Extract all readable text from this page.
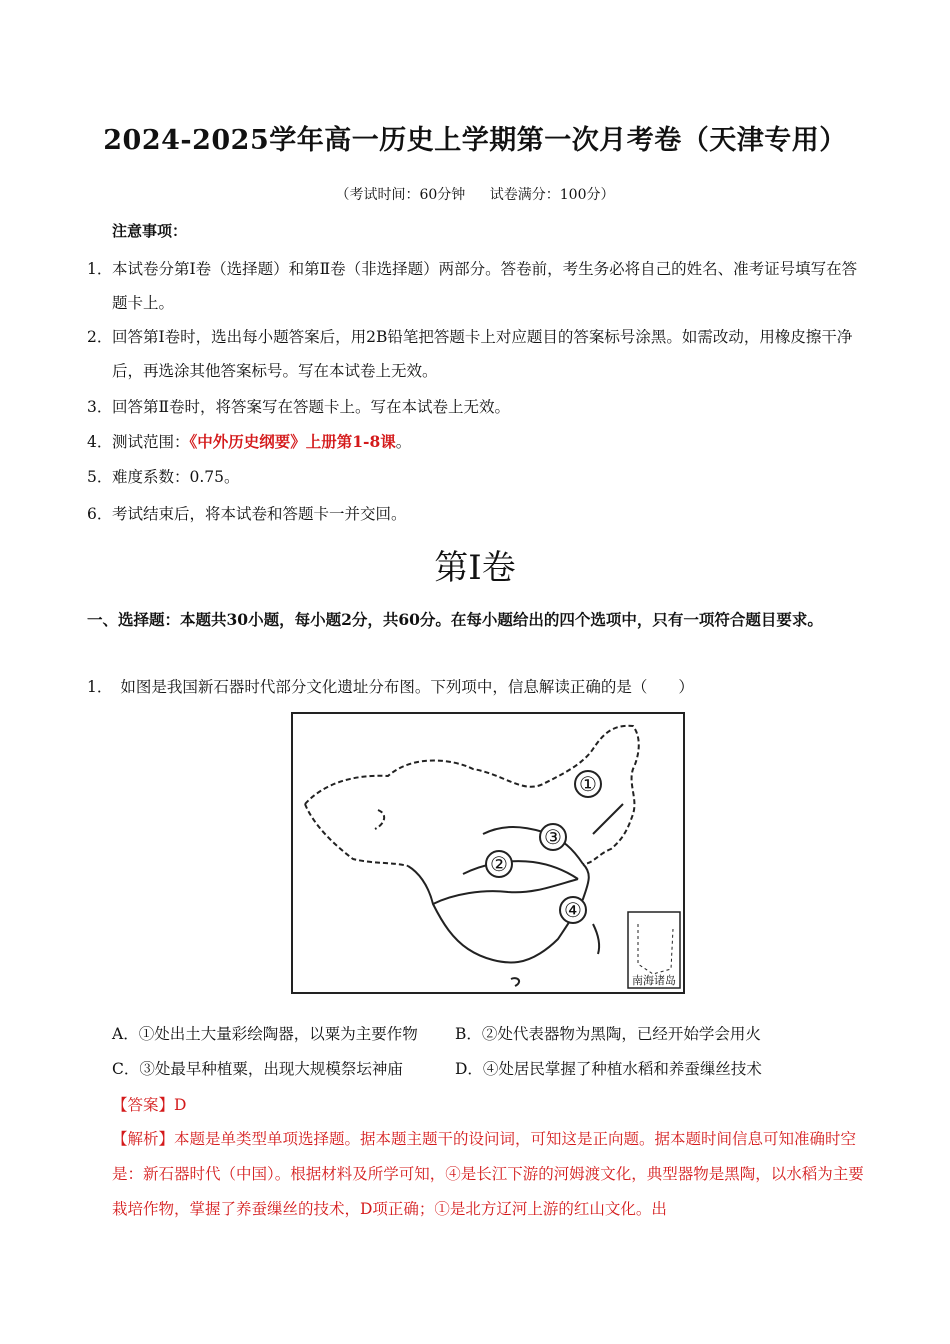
2024-2025学年高一历史上学期第一次月考卷（天津专用）
（考试时间：60分钟 试卷满分：100分）
注意事项：
1． 本试卷分第Ⅰ卷（选择题）和第Ⅱ卷（非选择题）两部分。答卷前，考生务必将自己的姓名、准考证号填写在答题卡上。
2． 回答第Ⅰ卷时，选出每小题答案后，用2B铅笔把答题卡上对应题目的答案标号涂黑。如需改动，用橡皮擦干净后，再选涂其他答案标号。写在本试卷上无效。
3． 回答第Ⅱ卷时，将答案写在答题卡上。写在本试卷上无效。
4． 测试范围：《中外历史纲要》上册第1-8课。
5． 难度系数：0.75。
6． 考试结束后，将本试卷和答题卡一并交回。
第Ⅰ卷
一、选择题：本题共30小题，每小题2分，共60分。在每小题给出的四个选项中，只有一项符合题目要求。
1． 如图是我国新石器时代部分文化遗址分布图。下列项中，信息解读正确的是（　　）
①
③
②
④
南海诸岛
A．①处出土大量彩绘陶器，以粟为主要作物 B．②处代表器物为黑陶，已经开始学会用火
C．③处最早种植粟，出现大规模祭坛神庙	D．④处居民掌握了种植水稻和养蚕缫丝技术
【答案】D
【解析】本题是单类型单项选择题。据本题主题干的设问词，可知这是正向题。据本题时间信息可知准确时空是：新石器时代（中国）。根据材料及所学可知，④是长江下游的河姆渡文化，典型器物是黑陶，以水稻为主要栽培作物，掌握了养蚕缫丝的技术，D项正确；①是北方辽河上游的红山文化。出
